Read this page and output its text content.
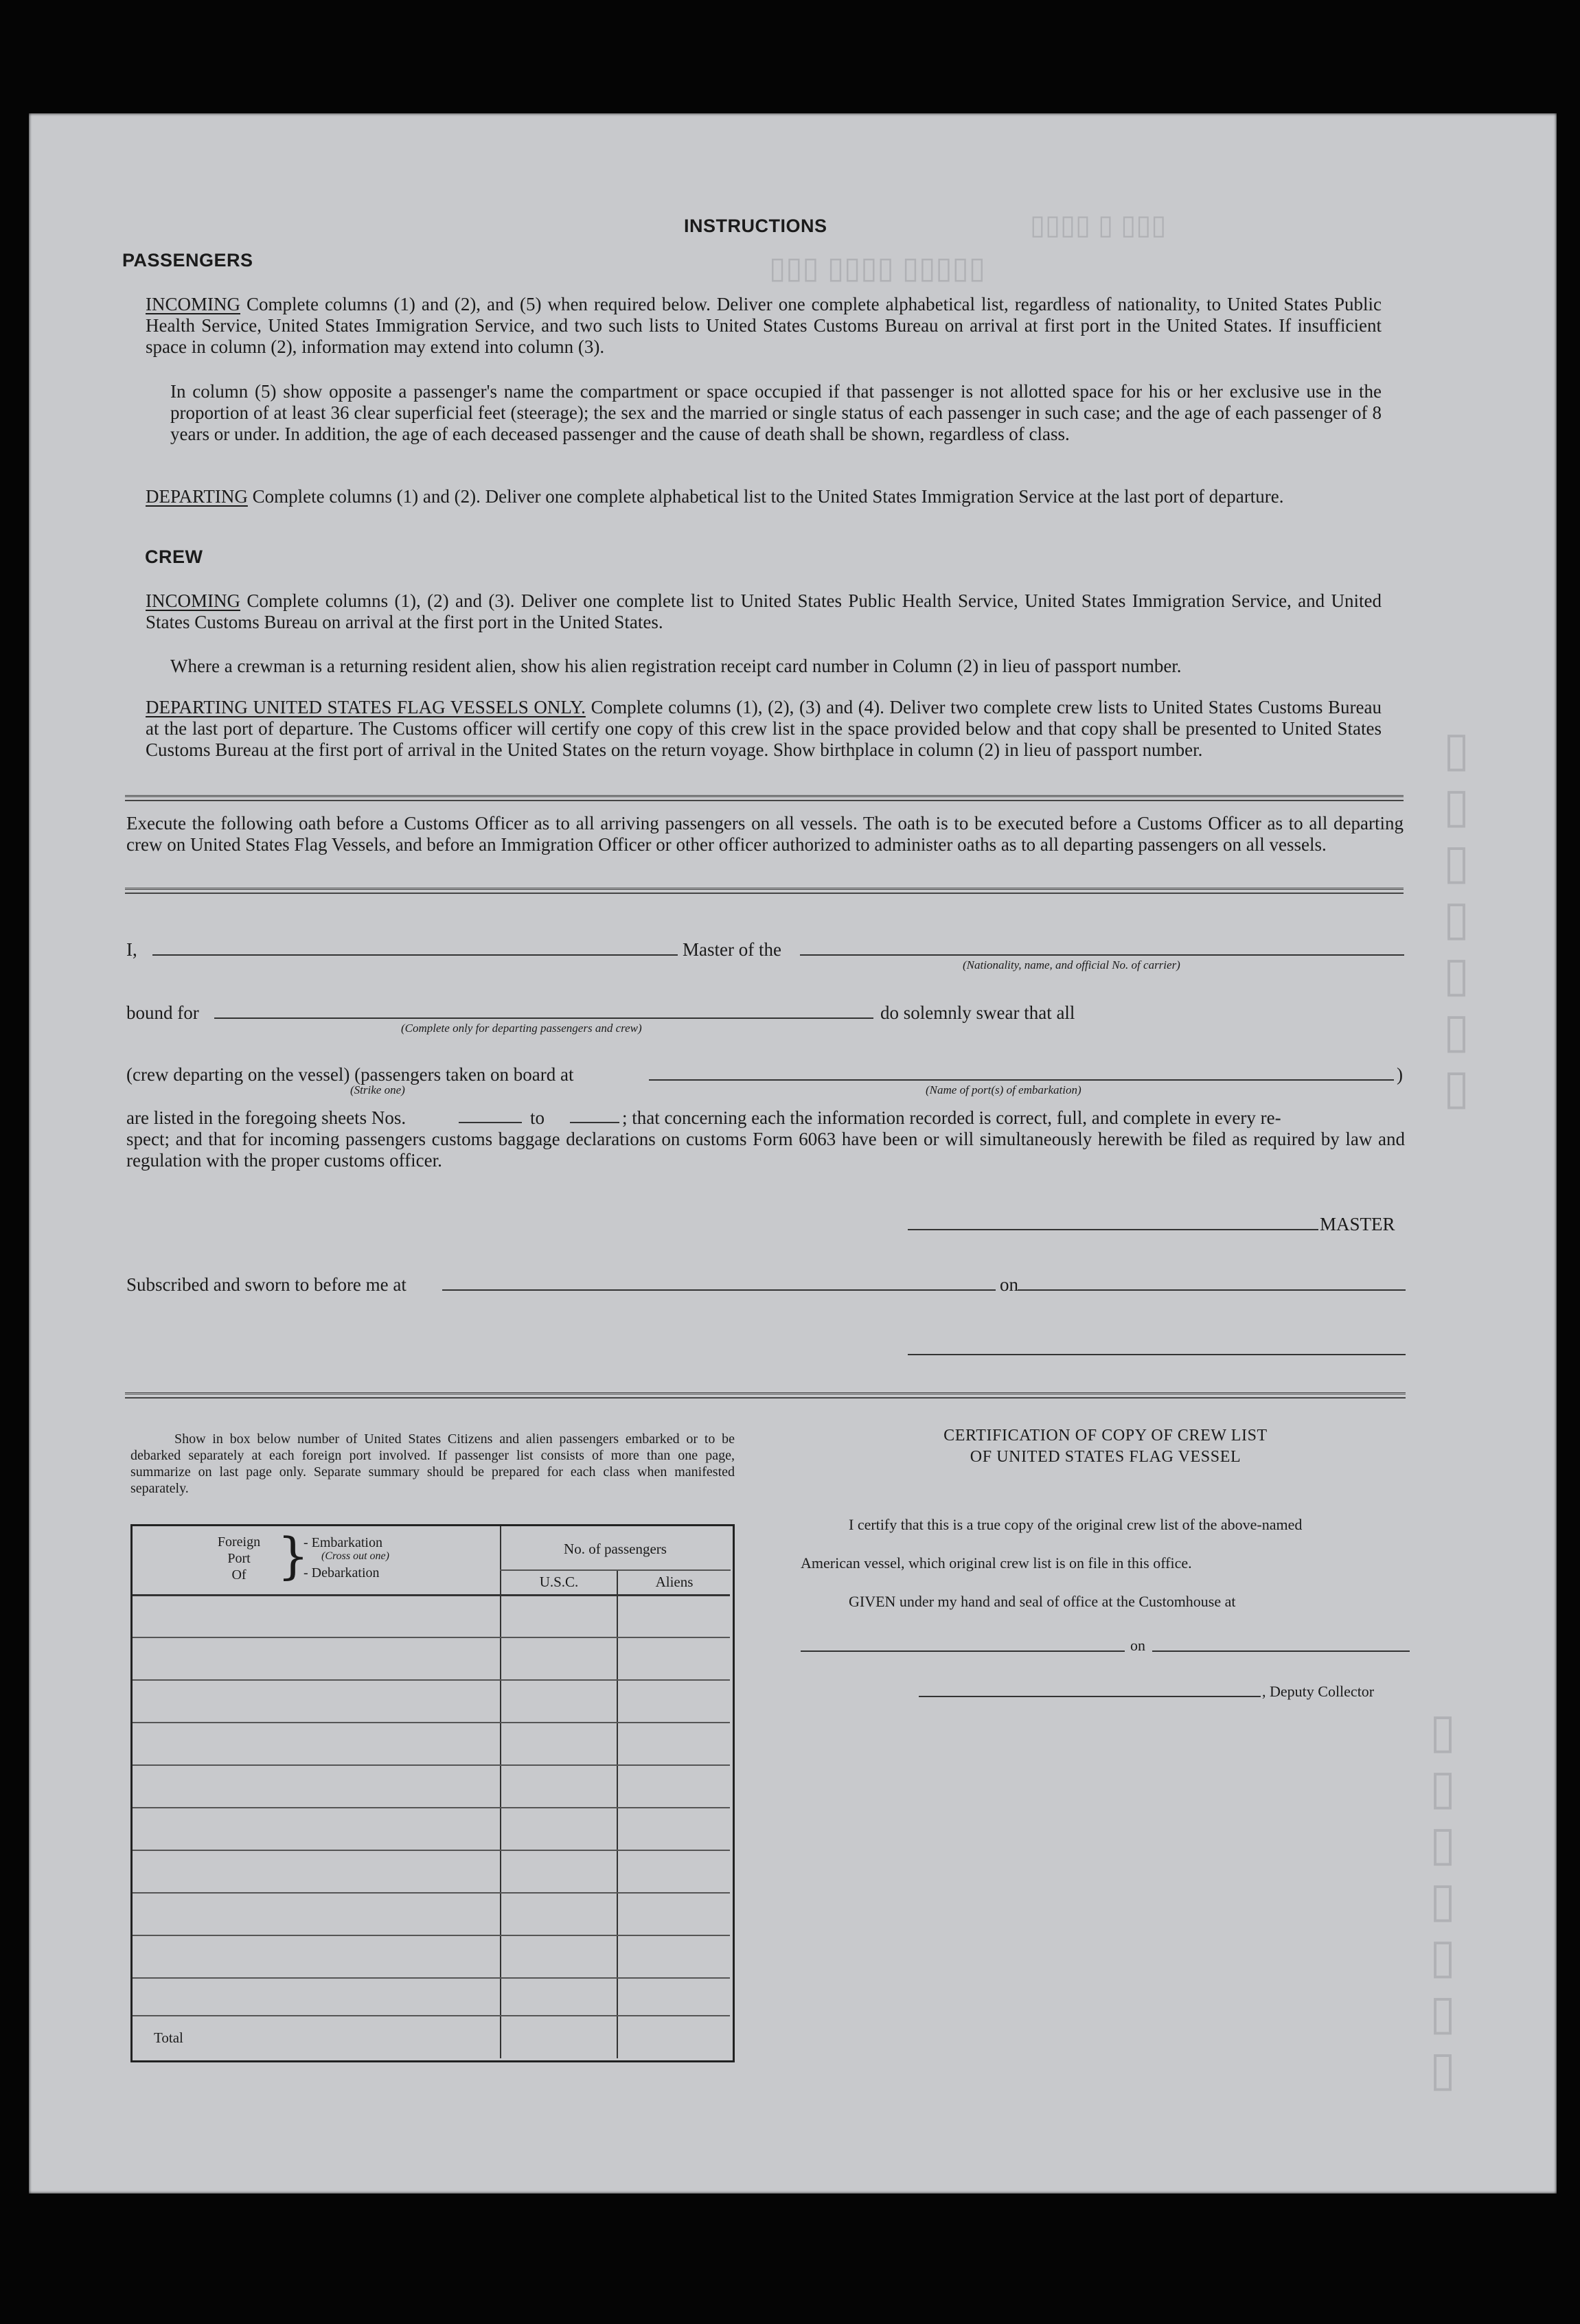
▯▯▯ ▯ ▯▯▯▯
▯▯▯▯▯ ▯▯▯▯ ▯▯▯
▯▯▯▯▯▯▯
▯▯▯▯▯▯▯
INSTRUCTIONS
PASSENGERS
INCOMING Complete columns (1) and (2), and (5) when required below. Deliver one complete alphabetical list, regardless of nationality, to United States Public Health Service, United States Immigration Service, and two such lists to United States Customs Bureau on arrival at first port in the United States. If insufficient space in column (2), information may extend into column (3).
In column (5) show opposite a passenger's name the compartment or space occupied if that passenger is not allotted space for his or her exclusive use in the proportion of at least 36 clear superficial feet (steerage); the sex and the married or single status of each passenger in such case; and the age of each passenger of 8 years or under. In addition, the age of each deceased passenger and the cause of death shall be shown, regardless of class.
DEPARTING Complete columns (1) and (2). Deliver one complete alphabetical list to the United States Immigration Service at the last port of departure.
CREW
INCOMING Complete columns (1), (2) and (3). Deliver one complete list to United States Public Health Service, United States Immigration Service, and United States Customs Bureau on arrival at the first port in the United States.
Where a crewman is a returning resident alien, show his alien registration receipt card number in Column (2) in lieu of passport number.
DEPARTING UNITED STATES FLAG VESSELS ONLY. Complete columns (1), (2), (3) and (4). Deliver two complete crew lists to United States Customs Bureau at the last port of departure. The Customs officer will certify one copy of this crew list in the space provided below and that copy shall be presented to United States Customs Bureau at the first port of arrival in the United States on the return voyage. Show birthplace in column (2) in lieu of passport number.
Execute the following oath before a Customs Officer as to all arriving passengers on all vessels. The oath is to be executed before a Customs Officer as to all departing crew on United States Flag Vessels, and before an Immigration Officer or other officer authorized to administer oaths as to all departing passengers on all vessels.
I,	Master of the
(Nationality, name, and official No. of carrier)
bound for
(Complete only for departing passengers and crew)
do solemnly swear that all
(crew departing on the vessel) (passengers taken on board at
(Strike one)	(Name of port(s) of embarkation)
)
are listed in the foregoing sheets Nos.	to	; that concerning each the information recorded is correct, full, and complete in every re-
spect; and that for incoming passengers customs baggage declarations on customs Form 6063 have been or will simultaneously herewith be filed as required by law and regulation with the proper customs officer.
MASTER
Subscribed and sworn to before me at	on
Show in box below number of United States Citizens and alien passengers embarked or to be debarked separately at each foreign port involved. If passenger list consists of more than one page, summarize on last page only. Separate summary should be prepared for each class when manifested separately.
Foreign
Port
Of }
- Embarkation
(Cross out one)
- Debarkation
No. of passengers
U.S.C.	Aliens
Total
CERTIFICATION OF COPY OF CREW LIST
OF UNITED STATES FLAG VESSEL
I certify that this is a true copy of the original crew list of the above-named
American vessel, which original crew list is on file in this office.
GIVEN under my hand and seal of office at the Customhouse at
on
, Deputy Collector
